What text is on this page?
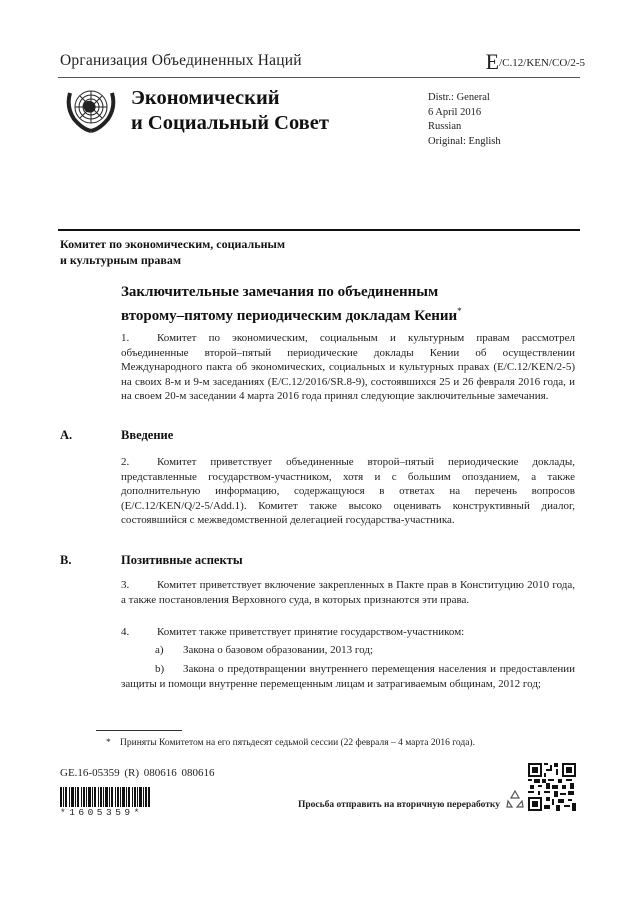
Организация Объединенных Наций	E/C.12/KEN/CO/2-5
Экономический
и Социальный Совет
Distr.: General
6 April 2016
Russian
Original: English
Комитет по экономическим, социальным
и культурным правам
Заключительные замечания по объединенным
второму–пятому периодическим докладам Кении*
1.	Комитет по экономическим, социальным и культурным правам рассмотрел объединенные второй–пятый периодические доклады Кении об осуществлении Международного пакта об экономических, социальных и культурных правах (E/C.12/KEN/2-5) на своих 8-м и 9-м заседаниях (E/C.12/2016/SR.8-9), состоявшихся 25 и 26 февраля 2016 года, и на своем 20-м заседании 4 марта 2016 года принял следующие заключительные замечания.
A.	Введение
2.	Комитет приветствует объединенные второй–пятый периодические доклады, представленные государством-участником, хотя и с большим опозданием, а также дополнительную информацию, содержащуюся в ответах на перечень вопросов (E/C.12/KEN/Q/2-5/Add.1). Комитет также высоко оценивать конструктивный диалог, состоявшийся с межведомственной делегацией государства-участника.
B.	Позитивные аспекты
3.	Комитет приветствует включение закрепленных в Пакте прав в Конституцию 2010 года, а также постановления Верховного суда, в которых признаются эти права.
4.	Комитет также приветствует принятие государством-участником:
a) Закона о базовом образовании, 2013 год;
b) Закона о предотвращении внутреннего перемещения населения и предоставлении защиты и помощи внутренне перемещенным лицам и затрагиваемым общинам, 2012 год;
* Приняты Комитетом на его пятьдесят седьмой сессии (22 февраля – 4 марта 2016 года).
GE.16-05359 (R) 080616 080616
*1605359*
Просьба отправить на вторичную переработку
